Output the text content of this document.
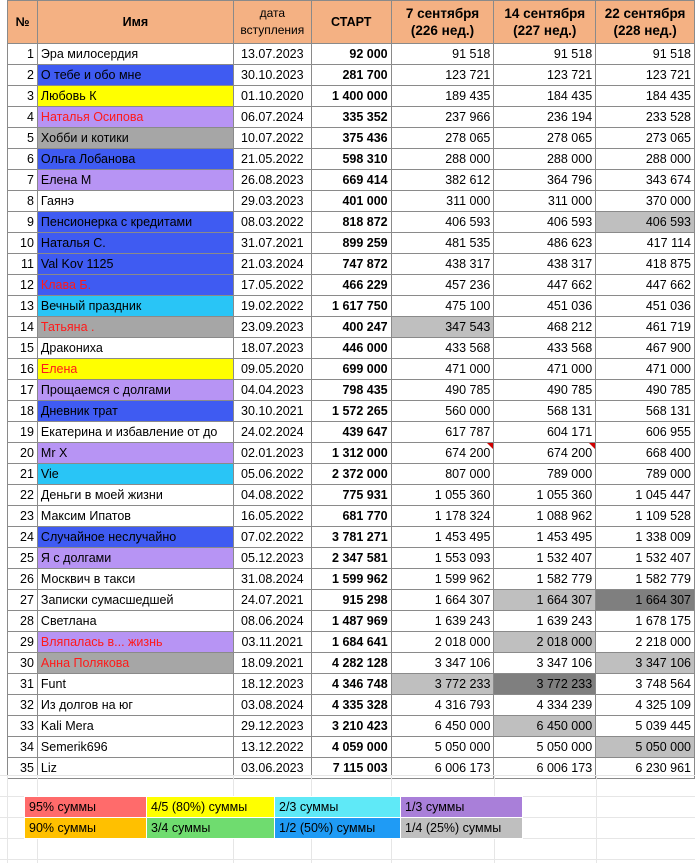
№	Имя	дата вступления	СТАРТ	7 сентября (226 нед.)	14 сентября (227 нед.)	22 сентября (228 нед.)
1	Эра милосердия	13.07.2023	92 000	91 518	91 518	91 518
2	О тебе и обо мне	30.10.2023	281 700	123 721	123 721	123 721
3	Любовь К	01.10.2020	1 400 000	189 435	184 435	184 435
4	Наталья Осипова	06.07.2024	335 352	237 966	236 194	233 528
5	Хобби и котики	10.07.2022	375 436	278 065	278 065	273 065
6	Ольга Лобанова	21.05.2022	598 310	288 000	288 000	288 000
7	Елена М	26.08.2023	669 414	382 612	364 796	343 674
8	Гаянэ	29.03.2023	401 000	311 000	311 000	370 000
9	Пенсионерка с кредитами	08.03.2022	818 872	406 593	406 593	406 593
10	Наталья С.	31.07.2021	899 259	481 535	486 623	417 114
11	Val Kov 1125	21.03.2024	747 872	438 317	438 317	418 875
12	Клава Б.	17.05.2022	466 229	457 236	447 662	447 662
13	Вечный праздник	19.02.2022	1 617 750	475 100	451 036	451 036
14	Татьяна .	23.09.2023	400 247	347 543	468 212	461 719
15	Дракониха	18.07.2023	446 000	433 568	433 568	467 900
16	Елена	09.05.2020	699 000	471 000	471 000	471 000
17	Прощаемся с долгами	04.04.2023	798 435	490 785	490 785	490 785
18	Дневник трат	30.10.2021	1 572 265	560 000	568 131	568 131
19	Екатерина и избавление от до	24.02.2024	439 647	617 787	604 171	606 955
20	Mr X	02.01.2023	1 312 000	674 200	674 200	668 400
21	Vie	05.06.2022	2 372 000	807 000	789 000	789 000
22	Деньги в моей жизни	04.08.2022	775 931	1 055 360	1 055 360	1 045 447
23	Максим Ипатов	16.05.2022	681 770	1 178 324	1 088 962	1 109 528
24	Случайное неслучайно	07.02.2022	3 781 271	1 453 495	1 453 495	1 338 009
25	Я с долгами	05.12.2023	2 347 581	1 553 093	1 532 407	1 532 407
26	Москвич в такси	31.08.2024	1 599 962	1 599 962	1 582 779	1 582 779
27	Записки сумасшедшей	24.07.2021	915 298	1 664 307	1 664 307	1 664 307
28	Светлана	08.06.2024	1 487 969	1 639 243	1 639 243	1 678 175
29	Вляпалась в... жизнь	03.11.2021	1 684 641	2 018 000	2 018 000	2 218 000
30	Анна Полякова	18.09.2021	4 282 128	3 347 106	3 347 106	3 347 106
31	Funt	18.12.2023	4 346 748	3 772 233	3 772 233	3 748 564
32	Из долгов на юг	03.08.2024	4 335 328	4 316 793	4 334 239	4 325 109
33	Kali Mera	29.12.2023	3 210 423	6 450 000	6 450 000	5 039 445
34	Semerik696	13.12.2022	4 059 000	5 050 000	5 050 000	5 050 000
35	Liz	03.06.2023	7 115 003	6 006 173	6 006 173	6 230 961
95% суммы	4/5 (80%) суммы	2/3 суммы	1/3 суммы
90% суммы	3/4 суммы	1/2 (50%) суммы	1/4 (25%) суммы
